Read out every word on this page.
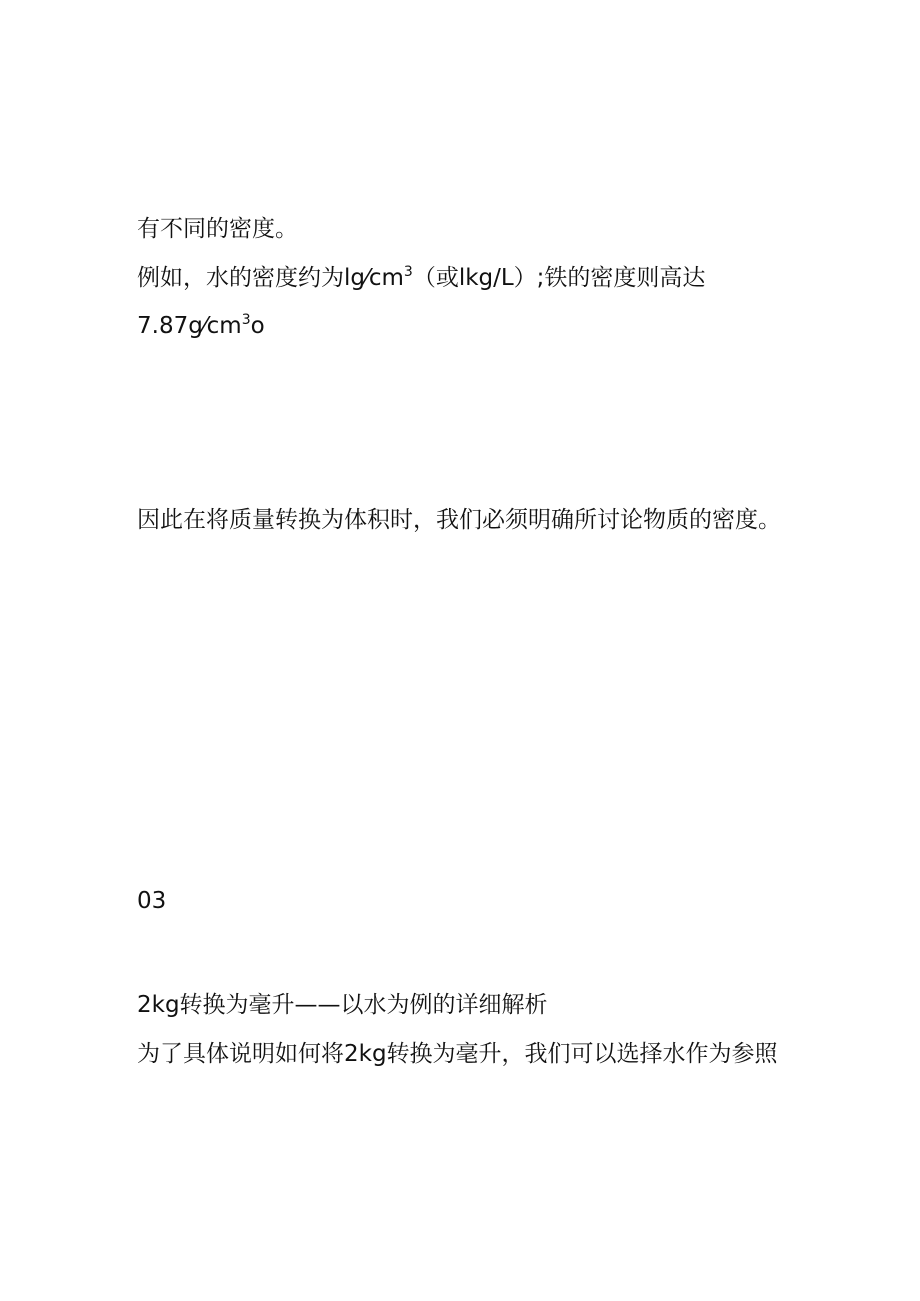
有不同的密度。

例如，水的密度约为$\lg⁄cm^3$（或lkg/L）;铁的密度则高达

$7.87g⁄cm^3o$

因此在将质量转换为体积时，我们必须明确所讨论物质的密度。

03

2kg转换为毫升——以水为例的详细解析

为了具体说明如何将2kg转换为毫升，我们可以选择水作为参照
